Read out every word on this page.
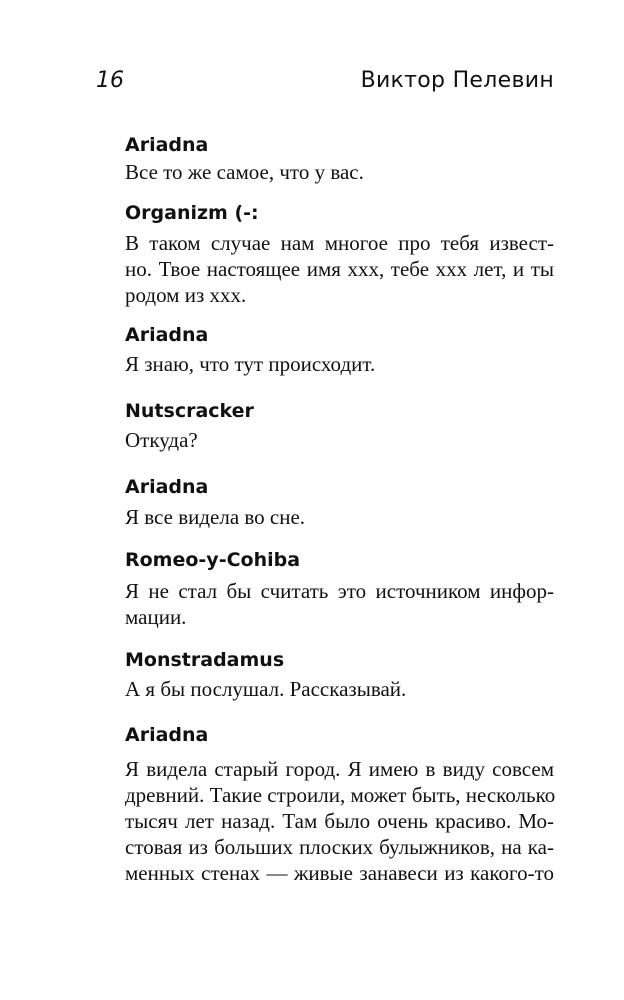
16	Виктор Пелевин
Ariadna
Все то же самое, что у вас.
Organizm (-:
В таком случае нам многое про тебя извест-
но. Твое настоящее имя ххх, тебе ххх лет, и ты
родом из ххх.
Ariadna
Я знаю, что тут происходит.
Nutscracker
Откуда?
Ariadna
Я все видела во сне.
Romeo-y-Cohiba
Я не стал бы считать это источником инфор-
мации.
Monstradamus
А я бы послушал. Рассказывай.
Ariadna
Я видела старый город. Я имею в виду совсем
древний. Такие строили, может быть, несколько
тысяч лет назад. Там было очень красиво. Мо-
стовая из больших плоских булыжников, на ка-
менных стенах — живые занавеси из какого-то
